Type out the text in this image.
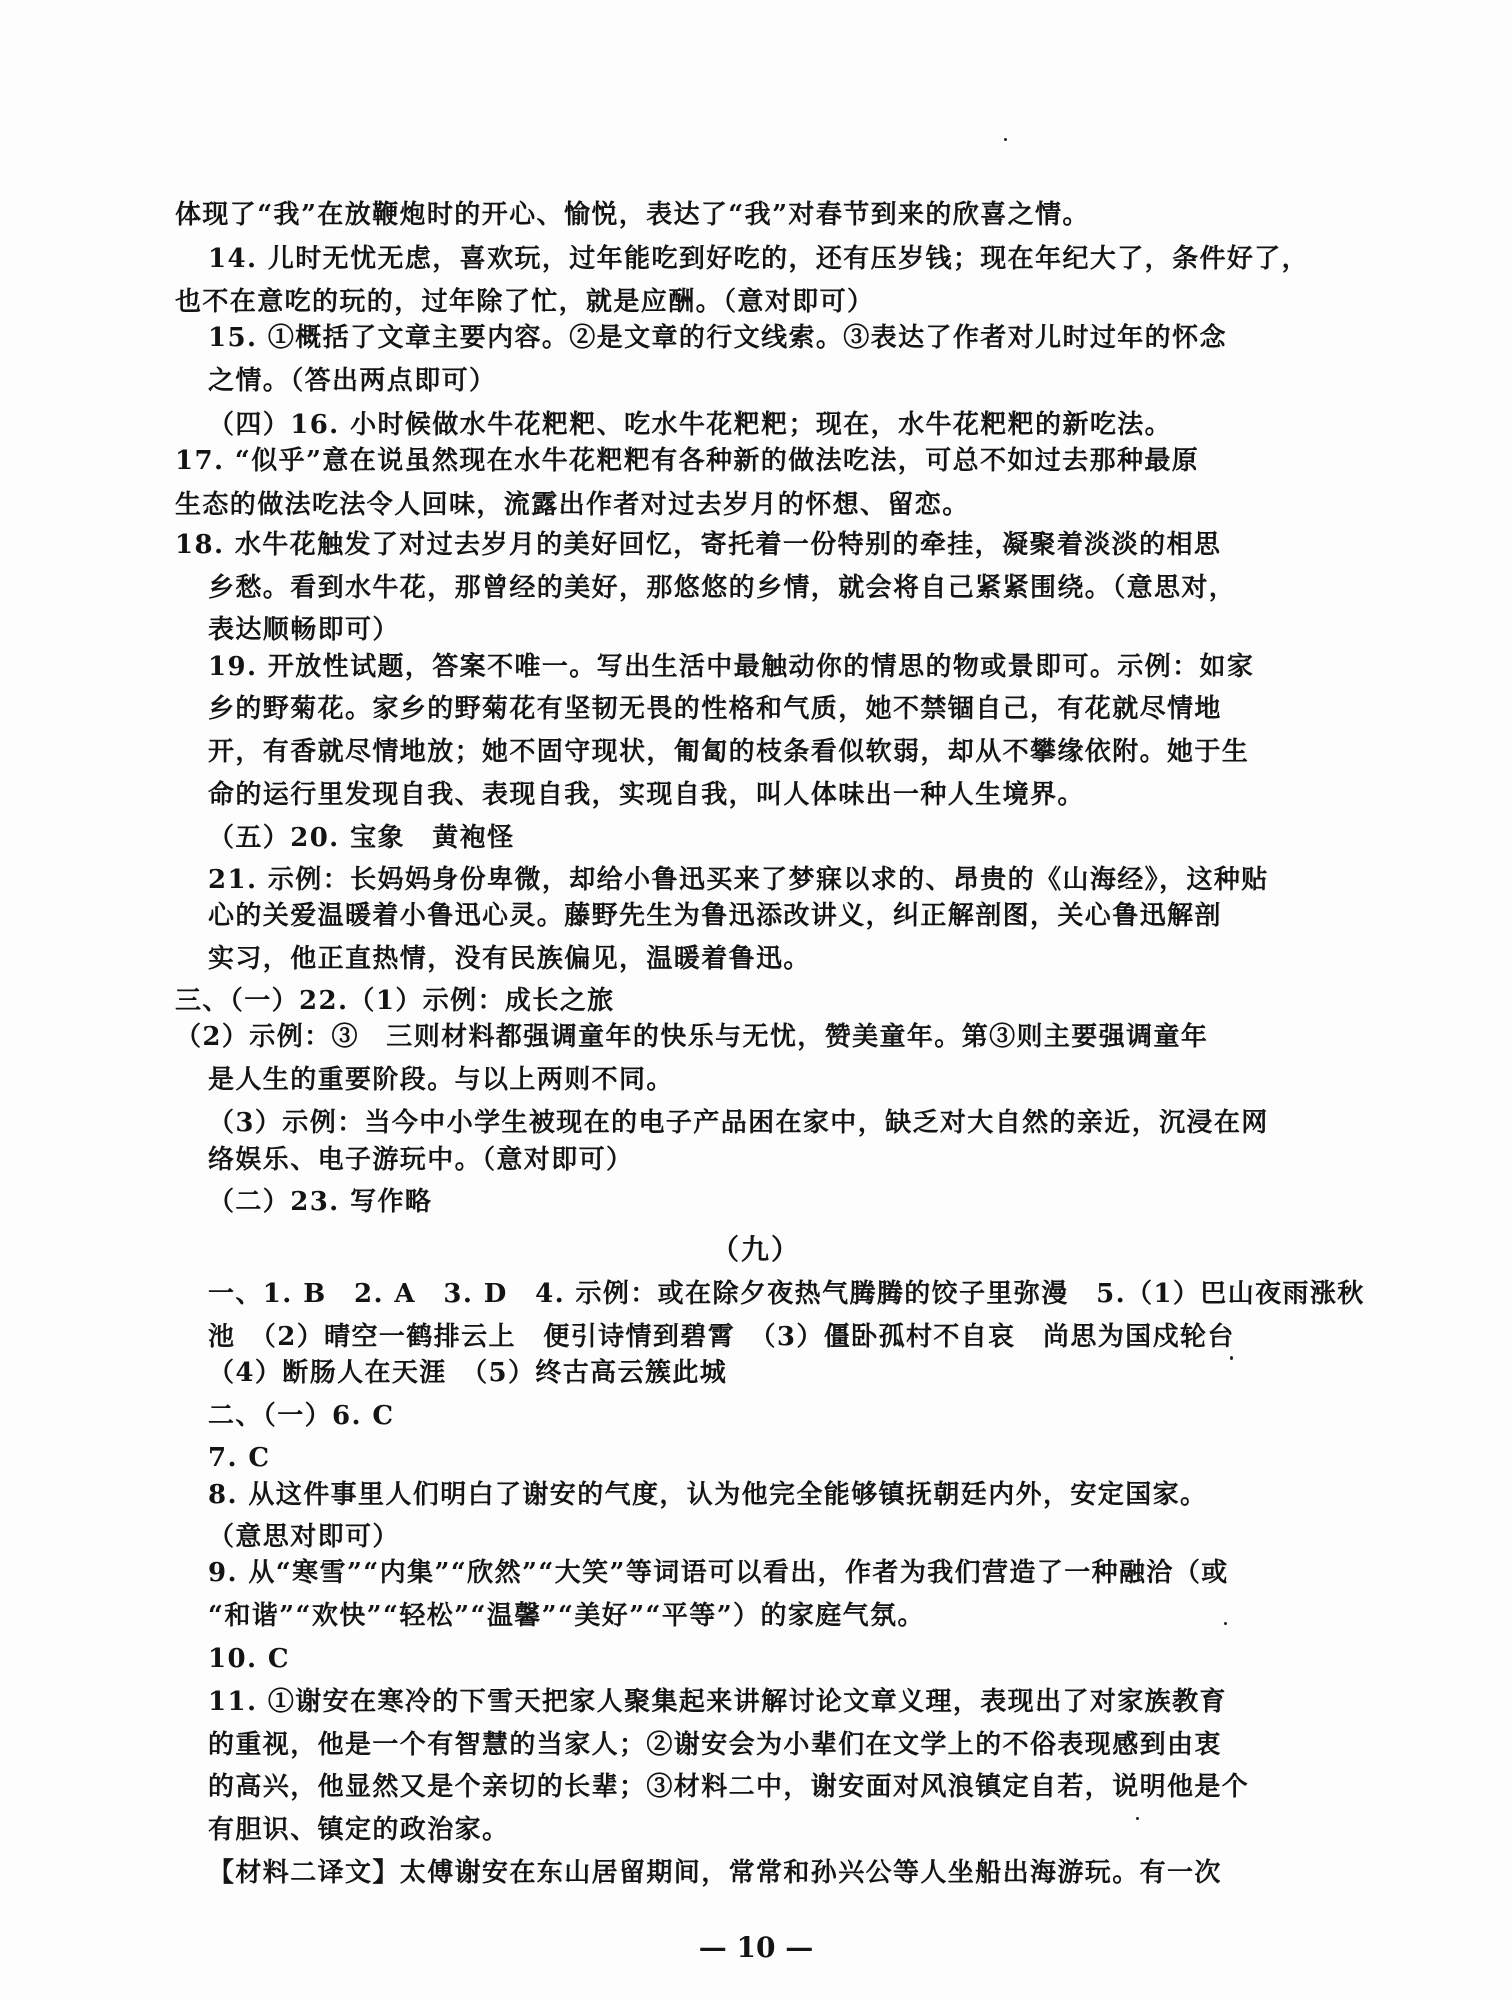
体现了“我”在放鞭炮时的开心、愉悦，表达了“我”对春节到来的欣喜之情。
14. 儿时无忧无虑，喜欢玩，过年能吃到好吃的，还有压岁钱；现在年纪大了，条件好了，
也不在意吃的玩的，过年除了忙，就是应酬。（意对即可）
15. ①概括了文章主要内容。②是文章的行文线索。③表达了作者对儿时过年的怀念
之情。（答出两点即可）
（四）16. 小时候做水牛花粑粑、吃水牛花粑粑；现在，水牛花粑粑的新吃法。
17. “似乎”意在说虽然现在水牛花粑粑有各种新的做法吃法，可总不如过去那种最原
生态的做法吃法令人回味，流露出作者对过去岁月的怀想、留恋。
18. 水牛花触发了对过去岁月的美好回忆，寄托着一份特别的牵挂，凝聚着淡淡的相思
乡愁。看到水牛花，那曾经的美好，那悠悠的乡情，就会将自己紧紧围绕。（意思对，
表达顺畅即可）
19. 开放性试题，答案不唯一。写出生活中最触动你的情思的物或景即可。示例：如家
乡的野菊花。家乡的野菊花有坚韧无畏的性格和气质，她不禁锢自己，有花就尽情地
开，有香就尽情地放；她不固守现状，匍匐的枝条看似软弱，却从不攀缘依附。她于生
命的运行里发现自我、表现自我，实现自我，叫人体味出一种人生境界。
（五）20. 宝象　黄袍怪
21. 示例：长妈妈身份卑微，却给小鲁迅买来了梦寐以求的、昂贵的《山海经》，这种贴
心的关爱温暖着小鲁迅心灵。藤野先生为鲁迅添改讲义，纠正解剖图，关心鲁迅解剖
实习，他正直热情，没有民族偏见，温暖着鲁迅。
三、（一）22.（1）示例：成长之旅
（2）示例：③　三则材料都强调童年的快乐与无忧，赞美童年。第③则主要强调童年
是人生的重要阶段。与以上两则不同。
（3）示例：当今中小学生被现在的电子产品困在家中，缺乏对大自然的亲近，沉浸在网
络娱乐、电子游玩中。（意对即可）
（二）23. 写作略
（九）
一、1. B　2. A　3. D　4. 示例：或在除夕夜热气腾腾的饺子里弥漫　5.（1）巴山夜雨涨秋
池　（2）晴空一鹤排云上　便引诗情到碧霄　（3）僵卧孤村不自哀　尚思为国戍轮台
（4）断肠人在天涯　（5）终古高云簇此城
二、（一）6. C
7. C
8. 从这件事里人们明白了谢安的气度，认为他完全能够镇抚朝廷内外，安定国家。
（意思对即可）
9. 从“寒雪”“内集”“欣然”“大笑”等词语可以看出，作者为我们营造了一种融洽（或
“和谐”“欢快”“轻松”“温馨”“美好”“平等”）的家庭气氛。
10. C
11. ①谢安在寒冷的下雪天把家人聚集起来讲解讨论文章义理，表现出了对家族教育
的重视，他是一个有智慧的当家人；②谢安会为小辈们在文学上的不俗表现感到由衷
的高兴，他显然又是个亲切的长辈；③材料二中，谢安面对风浪镇定自若，说明他是个
有胆识、镇定的政治家。
【材料二译文】太傅谢安在东山居留期间，常常和孙兴公等人坐船出海游玩。有一次
— 10 —
